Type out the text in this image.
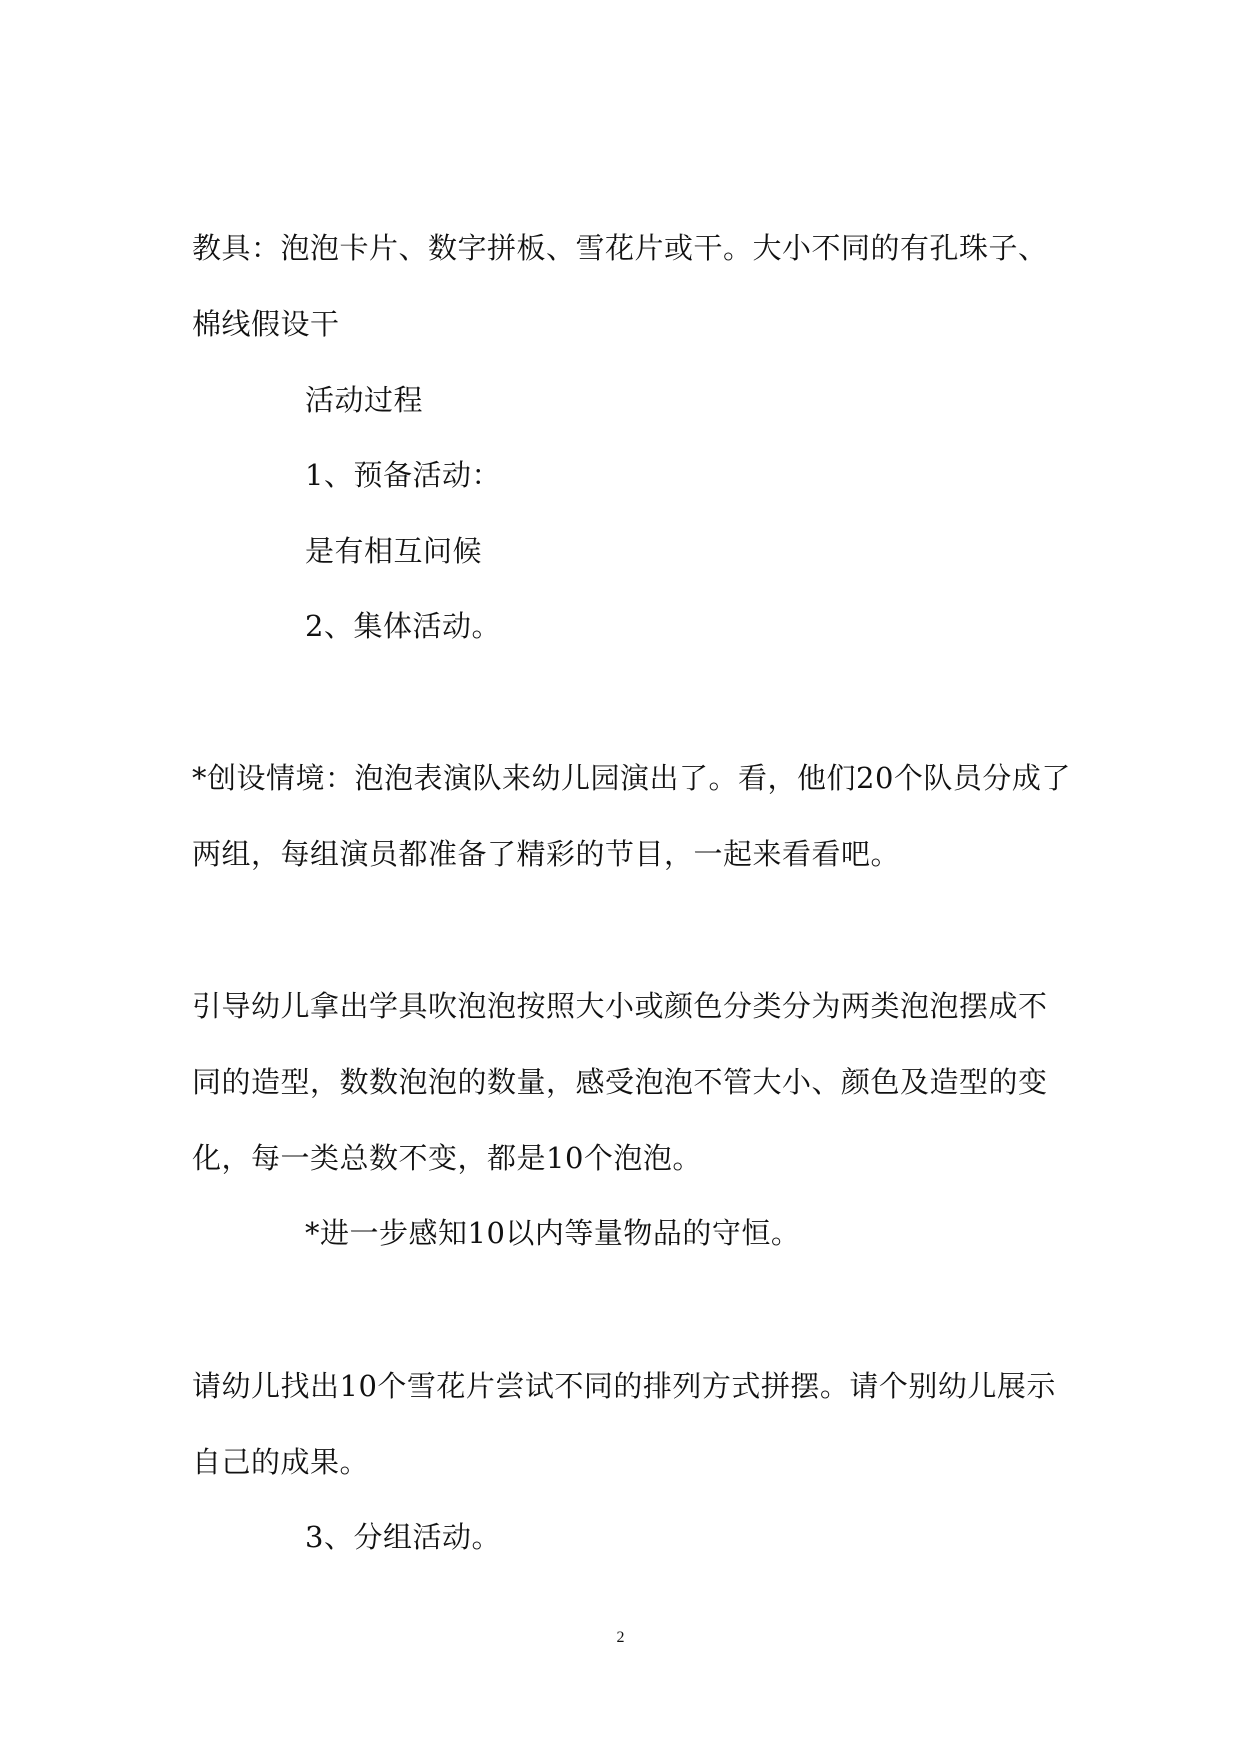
教具：泡泡卡片、数字拼板、雪花片或干。大小不同的有孔珠子、
棉线假设干
活动过程
1、预备活动：
是有相互问候
2、集体活动。
*创设情境：泡泡表演队来幼儿园演出了。看，他们20个队员分成了
两组，每组演员都准备了精彩的节目，一起来看看吧。
引导幼儿拿出学具吹泡泡按照大小或颜色分类分为两类泡泡摆成不
同的造型，数数泡泡的数量，感受泡泡不管大小、颜色及造型的变
化，每一类总数不变，都是10个泡泡。
*进一步感知10以内等量物品的守恒。
请幼儿找出10个雪花片尝试不同的排列方式拼摆。请个别幼儿展示
自己的成果。
3、分组活动。
2
